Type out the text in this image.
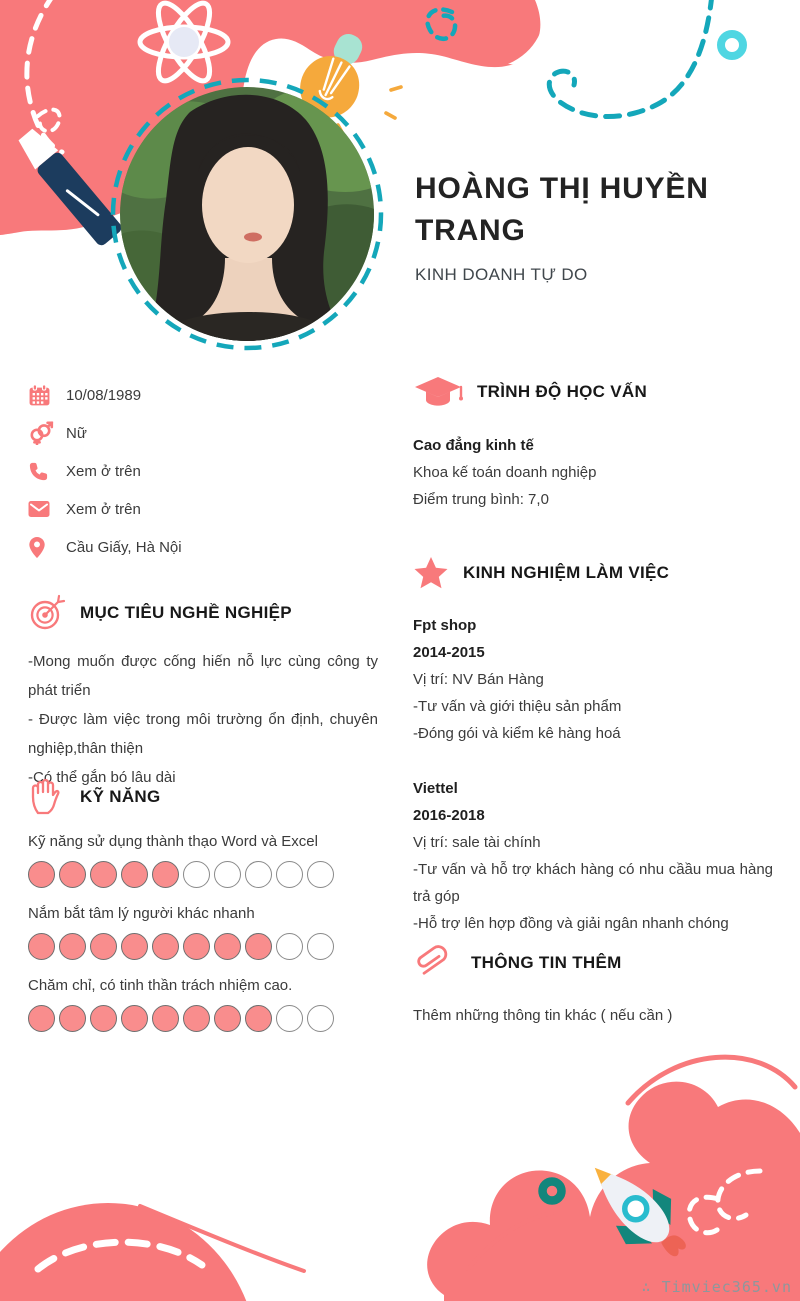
HOÀNG THỊ HUYỀN TRANG
KINH DOANH TỰ DO
10/08/1989
Nữ
Xem ở trên
Xem ở trên
Cầu Giấy, Hà Nội
MỤC TIÊU NGHỀ NGHIỆP

-Mong muốn được cống hiến nỗ lực cùng công ty phát triển

- Được làm việc trong môi trường ổn định, chuyên nghiệp,thân thiện

-Có thể gắn bó lâu dài

KỸ NĂNG
Kỹ năng sử dụng thành thạo Word và Excel
Nắm bắt tâm lý người khác nhanh
Chăm chỉ, có tinh thần trách nhiệm cao.
TRÌNH ĐỘ HỌC VẤN

Cao đẳng kinh tế

Khoa kế toán doanh nghiệp

Điểm trung bình: 7,0

KINH NGHIỆM LÀM VIỆC

Fpt shop

2014-2015

Vị trí: NV Bán Hàng

-Tư vấn và giới thiệu sản phẩm

-Đóng gói và kiểm kê hàng hoá

Viettel

2016-2018

Vị trí: sale tài chính

-Tư vấn và hỗ trợ khách hàng có nhu cầầu mua hàng trả góp

-Hỗ trợ lên hợp đồng và giải ngân nhanh chóng

THÔNG TIN THÊM

Thêm những thông tin khác ( nếu cần )

∴ Timviec365.vn
